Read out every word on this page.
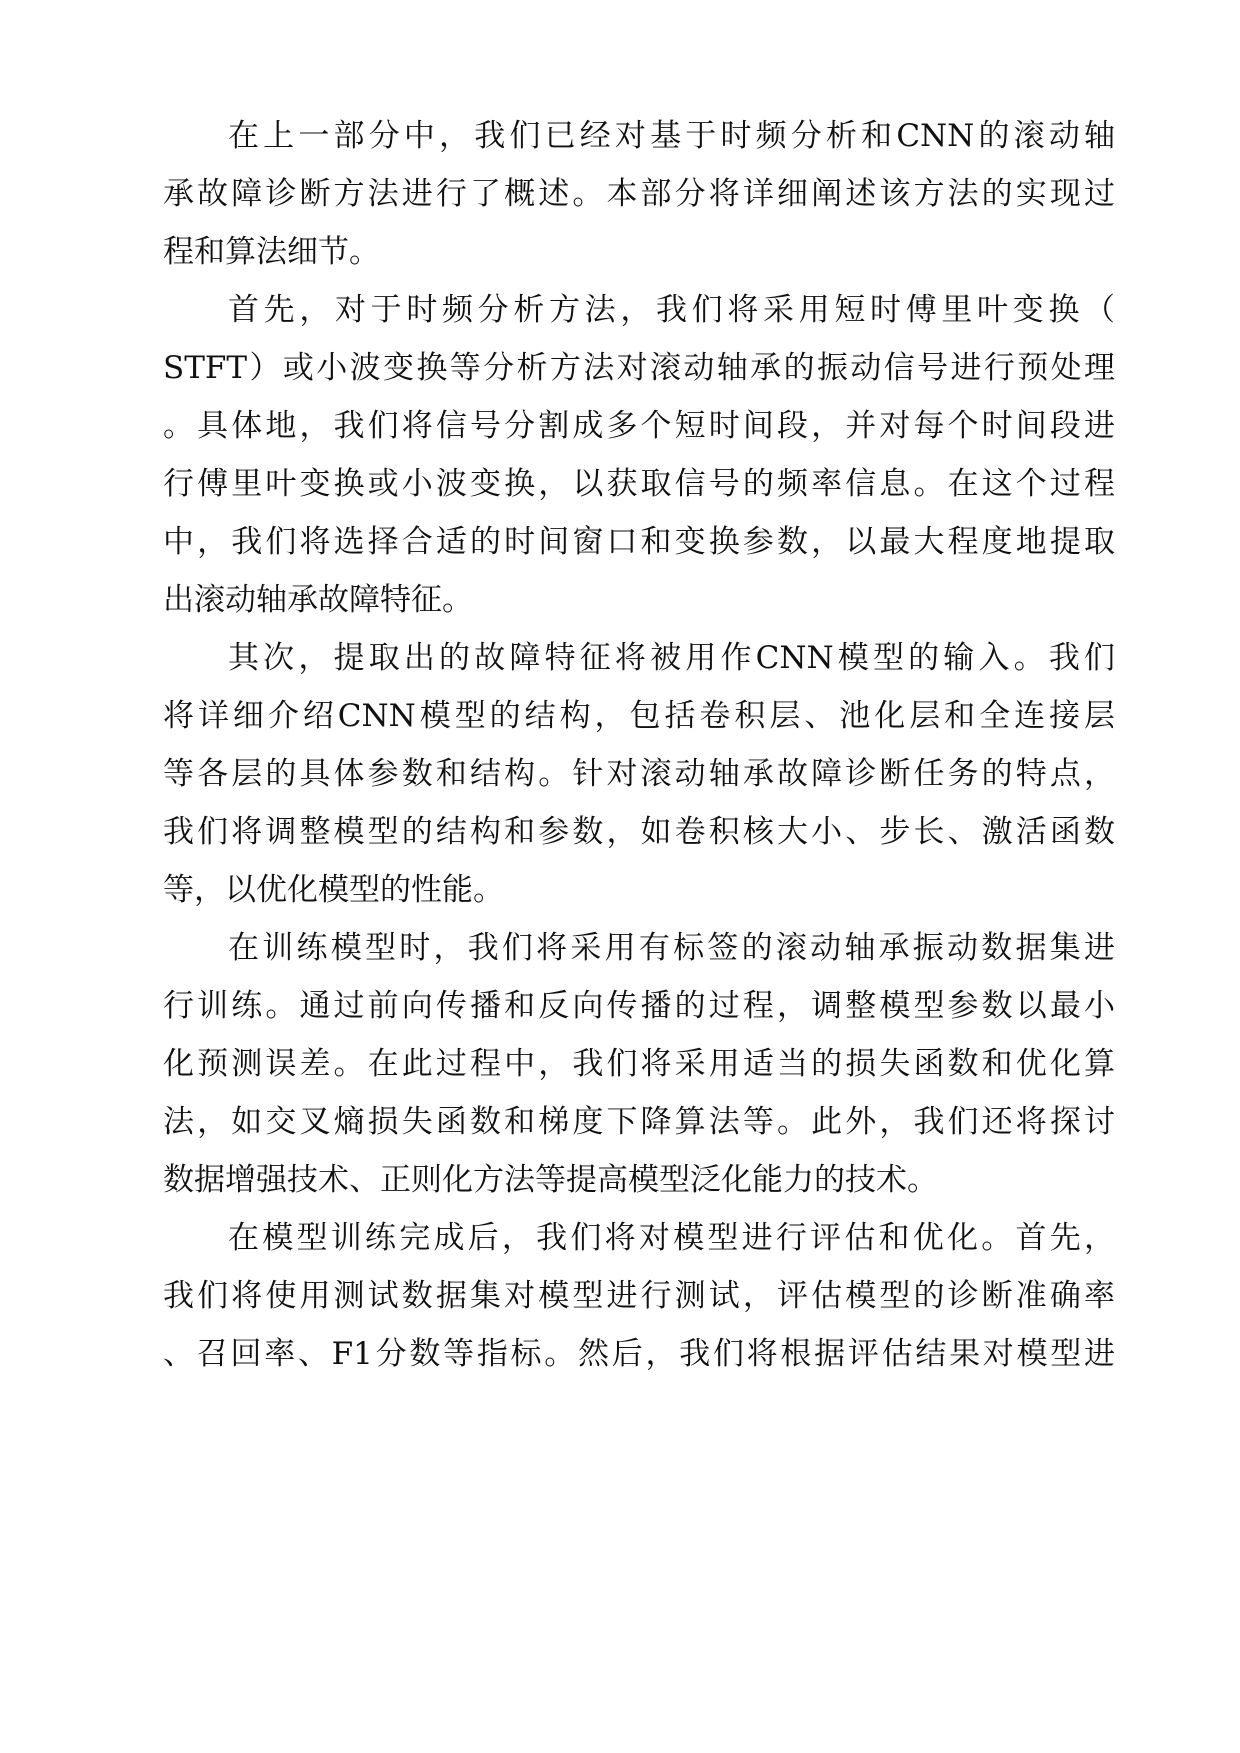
在上一部分中，我们已经对基于时频分析和CNN的滚动轴
承故障诊断方法进行了概述。本部分将详细阐述该方法的实现过
程和算法细节。
首先，对于时频分析方法，我们将采用短时傅里叶变换（
STFT）或小波变换等分析方法对滚动轴承的振动信号进行预处理
。具体地，我们将信号分割成多个短时间段，并对每个时间段进
行傅里叶变换或小波变换，以获取信号的频率信息。在这个过程
中，我们将选择合适的时间窗口和变换参数，以最大程度地提取
出滚动轴承故障特征。
其次，提取出的故障特征将被用作CNN模型的输入。我们
将详细介绍CNN模型的结构，包括卷积层、池化层和全连接层
等各层的具体参数和结构。针对滚动轴承故障诊断任务的特点，
我们将调整模型的结构和参数，如卷积核大小、步长、激活函数
等，以优化模型的性能。
在训练模型时，我们将采用有标签的滚动轴承振动数据集进
行训练。通过前向传播和反向传播的过程，调整模型参数以最小
化预测误差。在此过程中，我们将采用适当的损失函数和优化算
法，如交叉熵损失函数和梯度下降算法等。此外，我们还将探讨
数据增强技术、正则化方法等提高模型泛化能力的技术。
在模型训练完成后，我们将对模型进行评估和优化。首先，
我们将使用测试数据集对模型进行测试，评估模型的诊断准确率
、召回率、F1分数等指标。然后，我们将根据评估结果对模型进
